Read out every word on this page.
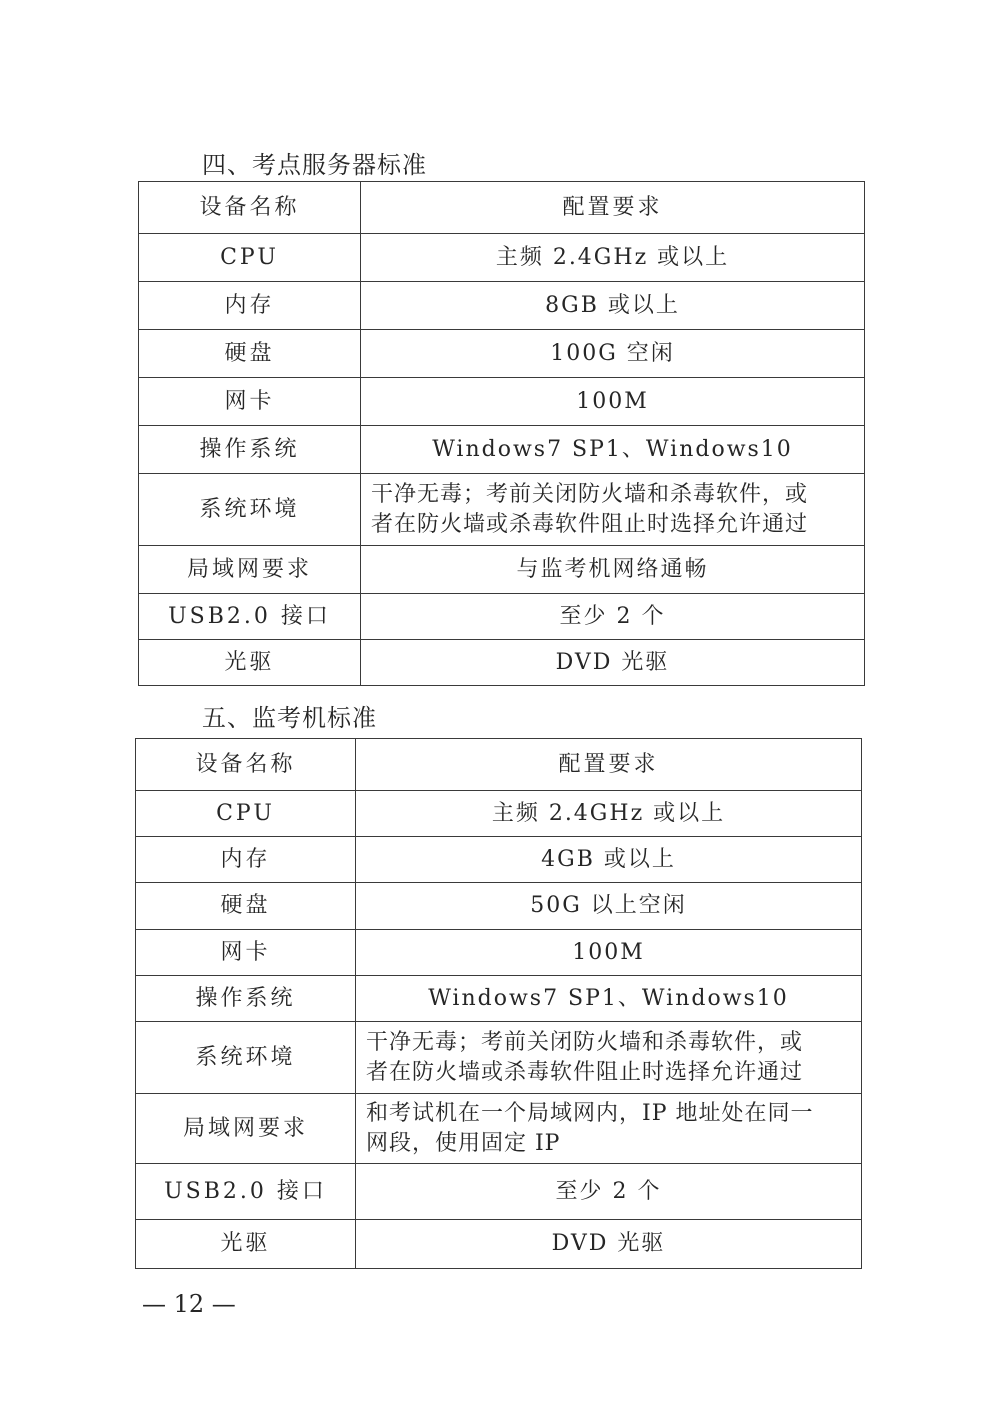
四、考点服务器标准
设备名称	配置要求
CPU	主频 2.4GHz 或以上
内存	8GB 或以上
硬盘	100G 空闲
网卡	100M
操作系统	Windows7 SP1、Windows10
系统环境	干净无毒；考前关闭防火墙和杀毒软件，或
者在防火墙或杀毒软件阻止时选择允许通过

局域网要求	与监考机网络通畅
USB2.0 接口	至少 2 个
光驱	DVD 光驱
五、监考机标准
设备名称	配置要求
CPU	主频 2.4GHz 或以上
内存	4GB 或以上
硬盘	50G 以上空闲
网卡	100M
操作系统	Windows7 SP1、Windows10
系统环境	干净无毒；考前关闭防火墙和杀毒软件，或
者在防火墙或杀毒软件阻止时选择允许通过

局域网要求	和考试机在一个局域网内，IP 地址处在同一
网段，使用固定 IP

USB2.0 接口	至少 2 个
光驱	DVD 光驱
— 12 —
